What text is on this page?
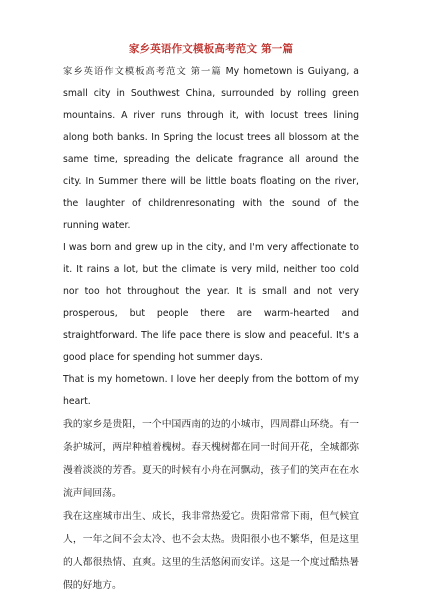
家乡英语作文模板高考范文 第一篇

家乡英语作文模板高考范文 第一篇 My hometown is Guiyang, a small city in Southwest China, surrounded by rolling green mountains. A river runs through it, with locust trees lining along both banks. In Spring the locust trees all blossom at the same time, spreading the delicate fragrance all around the city. In Summer there will be little boats floating on the river, the laughter of childrenresonating with the sound of the running water.

I was born and grew up in the city, and I'm very affectionate to it. It rains a lot, but the climate is very mild, neither too cold nor too hot throughout the year. It is small and not very prosperous, but people there are warm-hearted and straightforward. The life pace there is slow and peaceful. It's a good place for spending hot summer days.

That is my hometown. I love her deeply from the bottom of my heart.

我的家乡是贵阳，一个中国西南的边的小城市，四周群山环绕。有一条护城河，两岸种植着槐树。春天槐树都在同一时间开花，全城都弥漫着淡淡的芳香。夏天的时候有小舟在河飘动，孩子们的笑声在在水流声间回荡。

我在这座城市出生、成长，我非常热爱它。贵阳常常下雨，但气候宜人，一年之间不会太冷、也不会太热。贵阳很小也不繁华，但是这里的人都很热情、直爽。这里的生活悠闲而安详。这是一个度过酷热暑假的好地方。
